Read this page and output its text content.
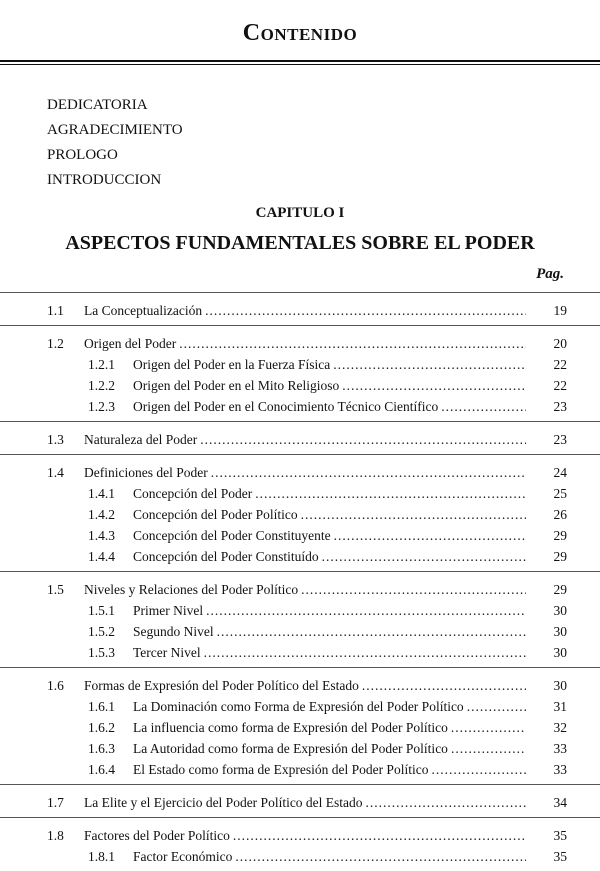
Contenido
DEDICATORIA
AGRADECIMIENTO
PROLOGO
INTRODUCCION
CAPITULO I
ASPECTOS FUNDAMENTALES SOBRE EL PODER
Pag.
1.1 La Conceptualización .....	19
1.2 Origen del Poder .....	20
1.2.1 Origen del Poder en la Fuerza Física .....	22
1.2.2 Origen del Poder en el Mito Religioso .....	22
1.2.3 Origen del Poder en el Conocimiento Técnico Científico .....	23
1.3 Naturaleza del Poder .....	23
1.4 Definiciones del Poder .....	24
1.4.1 Concepción del Poder .....	25
1.4.2 Concepción del Poder Político .....	26
1.4.3 Concepción del Poder Constituyente .....	29
1.4.4 Concepción del Poder Constituído .....	29
1.5 Niveles y Relaciones del Poder Político .....	29
1.5.1 Primer Nivel .....	30
1.5.2 Segundo Nivel .....	30
1.5.3 Tercer Nivel .....	30
1.6 Formas de Expresión del Poder Político del Estado .....	30
1.6.1 La Dominación como Forma de Expresión del Poder Político .....	31
1.6.2 La influencia como forma de Expresión del Poder Político .....	32
1.6.3 La Autoridad como forma de Expresión del Poder Político .....	33
1.6.4 El Estado como forma de Expresión del Poder Político .....	33
1.7 La Elite y el Ejercicio del Poder Político del Estado .....	34
1.8 Factores del Poder Político .....	35
1.8.1 Factor Económico .....	35
